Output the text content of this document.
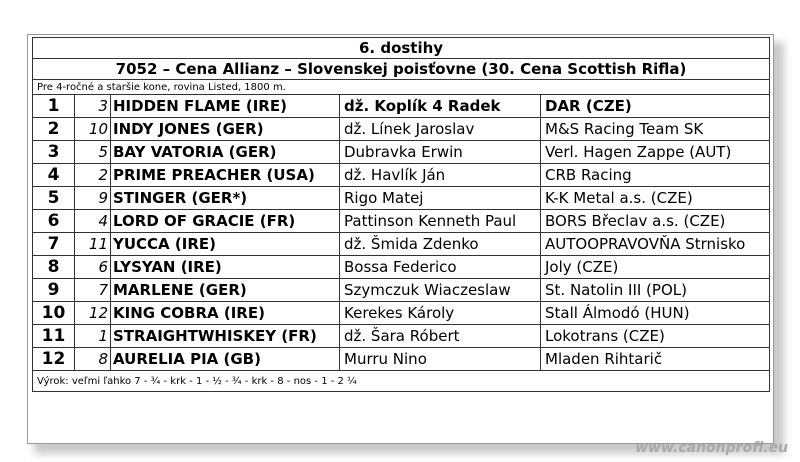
6. dostihy				
7052 – Cena Allianz – Slovenskej poisťovne (30. Cena Scottish Rifla)				
Pre 4-ročné a staršie kone, rovina Listed, 1800 m.				
1	3	HIDDEN FLAME (IRE)	dž. Koplík 4 Radek	DAR (CZE)
2	10	INDY JONES (GER)	dž. Línek Jaroslav	M&S Racing Team SK
3	5	BAY VATORIA (GER)	Dubravka Erwin	Verl. Hagen Zappe (AUT)
4	2	PRIME PREACHER (USA)	dž. Havlík Ján	CRB Racing
5	9	STINGER (GER*)	Rigo Matej	K-K Metal a.s. (CZE)
6	4	LORD OF GRACIE (FR)	Pattinson Kenneth Paul	BORS Břeclav a.s. (CZE)
7	11	YUCCA (IRE)	dž. Šmida Zdenko	AUTOOPRAVOVŇA Strnisko
8	6	LYSYAN (IRE)	Bossa Federico	Joly (CZE)
9	7	MARLENE (GER)	Szymczuk Wiaczeslaw	St. Natolin III (POL)
10	12	KING COBRA (IRE)	Kerekes Károly	Stall Álmodó (HUN)
11	1	STRAIGHTWHISKEY (FR)	dž. Šara Róbert	Lokotrans (CZE)
12	8	AURELIA PIA (GB)	Murru Nino	Mladen Rihtarič
Výrok: veľmi ľahko 7 - ¾ - krk - 1 - ½ - ¾ - krk - 8 - nos - 1 - 2 ¼				
www.canonprofi.eu
